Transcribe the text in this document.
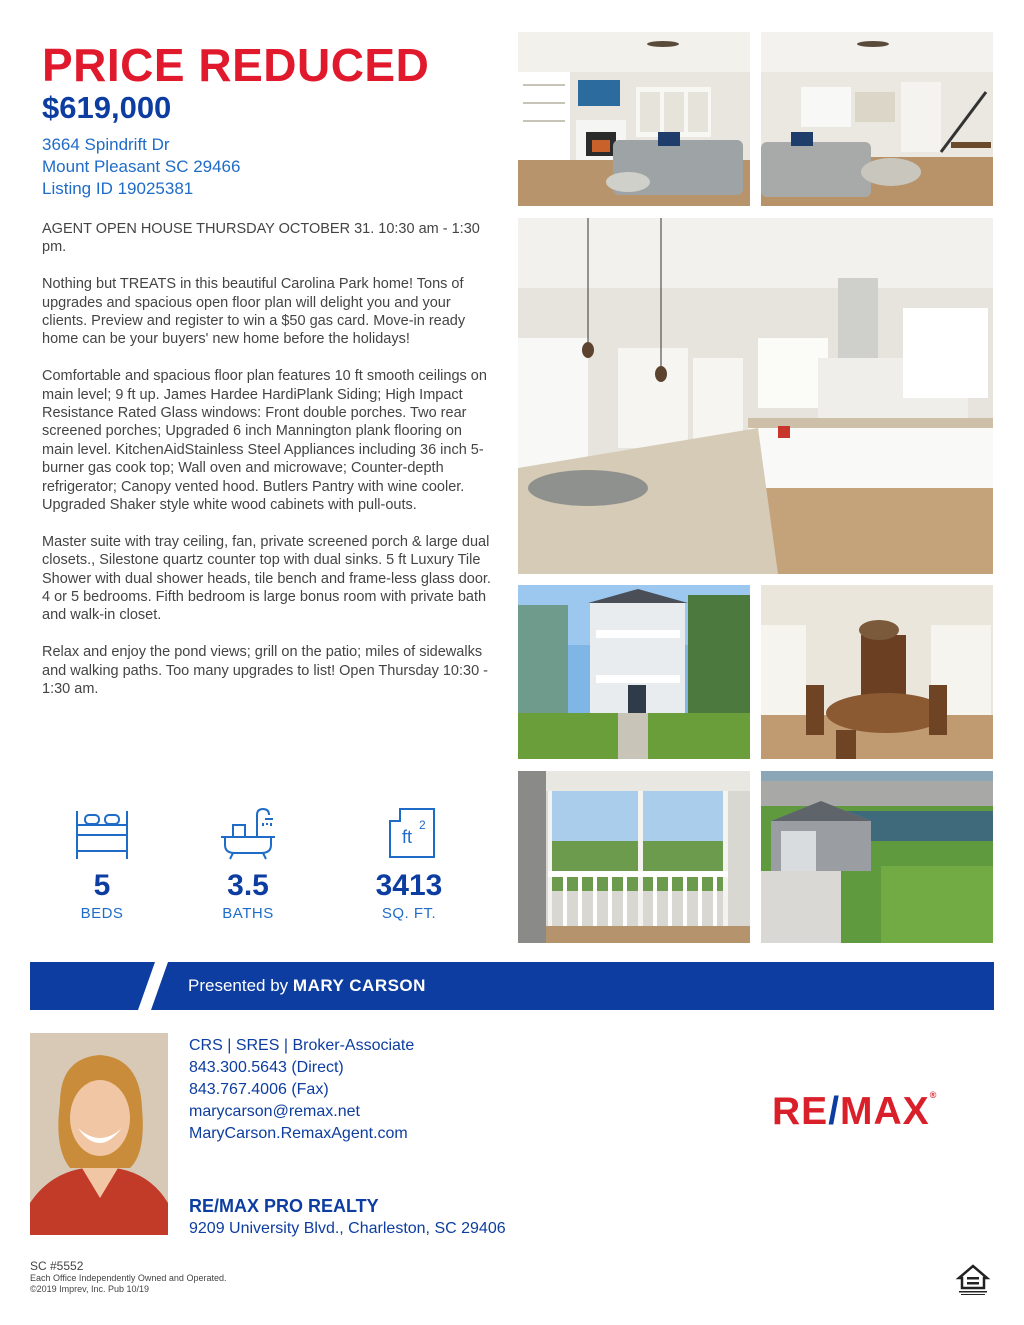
PRICE REDUCED
$619,000
3664 Spindrift Dr
Mount Pleasant SC 29466
Listing ID 19025381

AGENT OPEN HOUSE THURSDAY OCTOBER 31. 10:30 am - 1:30 pm.

Nothing but TREATS in this beautiful Carolina Park home! Tons of upgrades and spacious open floor plan will delight you and your clients. Preview and register to win a $50 gas card. Move-in ready home can be your buyers' new home before the holidays!

Comfortable and spacious floor plan features 10 ft smooth ceilings on main level; 9 ft up. James Hardee HardiPlank Siding; High Impact Resistance Rated Glass windows: Front double porches. Two rear screened porches; Upgraded 6 inch Mannington plank flooring on main level. KitchenAidStainless Steel Appliances including 36 inch 5-burner gas cook top; Wall oven and microwave; Counter-depth refrigerator; Canopy vented hood. Butlers Pantry with wine cooler. Upgraded Shaker style white wood cabinets with pull-outs.

Master suite with tray ceiling, fan, private screened porch & large dual closets., Silestone quartz counter top with dual sinks. 5 ft Luxury Tile Shower with dual shower heads, tile bench and frame-less glass door. 4 or 5 bedrooms. Fifth bedroom is large bonus room with private bath and walk-in closet.

Relax and enjoy the pond views; grill on the patio; miles of sidewalks and walking paths. Too many upgrades to list! Open Thursday 10:30 - 1:30 am.

5
BEDS
3.5
BATHS
ft
2
3413
SQ. FT.
Presented by MARY CARSON
CRS | SRES | Broker-Associate
843.300.5643 (Direct)
843.767.4006 (Fax)
marycarson@remax.net
MaryCarson.RemaxAgent.com
RE/MAX PRO REALTY
9209 University Blvd., Charleston, SC 29406
RE/MAX®
SC #5552
Each Office Independently Owned and Operated.
©2019 Imprev, Inc. Pub 10/19
